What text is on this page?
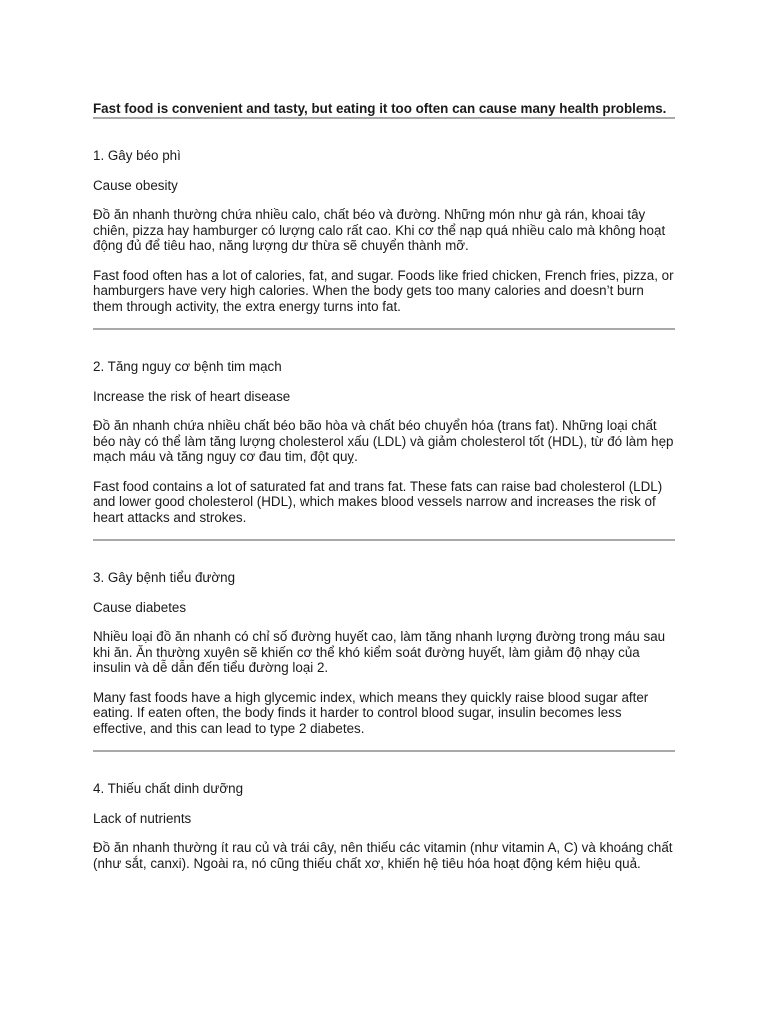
Fast food is convenient and tasty, but eating it too often can cause many health problems.

1. Gây béo phì

Cause obesity

Đồ ăn nhanh thường chứa nhiều calo, chất béo và đường. Những món như gà rán, khoai tây chiên, pizza hay hamburger có lượng calo rất cao. Khi cơ thể nạp quá nhiều calo mà không hoạt động đủ để tiêu hao, năng lượng dư thừa sẽ chuyển thành mỡ.

Fast food often has a lot of calories, fat, and sugar. Foods like fried chicken, French fries, pizza, or hamburgers have very high calories. When the body gets too many calories and doesn’t burn them through activity, the extra energy turns into fat.

2. Tăng nguy cơ bệnh tim mạch

Increase the risk of heart disease

Đồ ăn nhanh chứa nhiều chất béo bão hòa và chất béo chuyển hóa (trans fat). Những loại chất béo này có thể làm tăng lượng cholesterol xấu (LDL) và giảm cholesterol tốt (HDL), từ đó làm hẹp mạch máu và tăng nguy cơ đau tim, đột quỵ.

Fast food contains a lot of saturated fat and trans fat. These fats can raise bad cholesterol (LDL) and lower good cholesterol (HDL), which makes blood vessels narrow and increases the risk of heart attacks and strokes.

3. Gây bệnh tiểu đường

Cause diabetes

Nhiều loại đồ ăn nhanh có chỉ số đường huyết cao, làm tăng nhanh lượng đường trong máu sau khi ăn. Ăn thường xuyên sẽ khiến cơ thể khó kiểm soát đường huyết, làm giảm độ nhạy của insulin và dễ dẫn đến tiểu đường loại 2.

Many fast foods have a high glycemic index, which means they quickly raise blood sugar after eating. If eaten often, the body finds it harder to control blood sugar, insulin becomes less effective, and this can lead to type 2 diabetes.

4. Thiếu chất dinh dưỡng

Lack of nutrients

Đồ ăn nhanh thường ít rau củ và trái cây, nên thiếu các vitamin (như vitamin A, C) và khoáng chất (như sắt, canxi). Ngoài ra, nó cũng thiếu chất xơ, khiến hệ tiêu hóa hoạt động kém hiệu quả.
